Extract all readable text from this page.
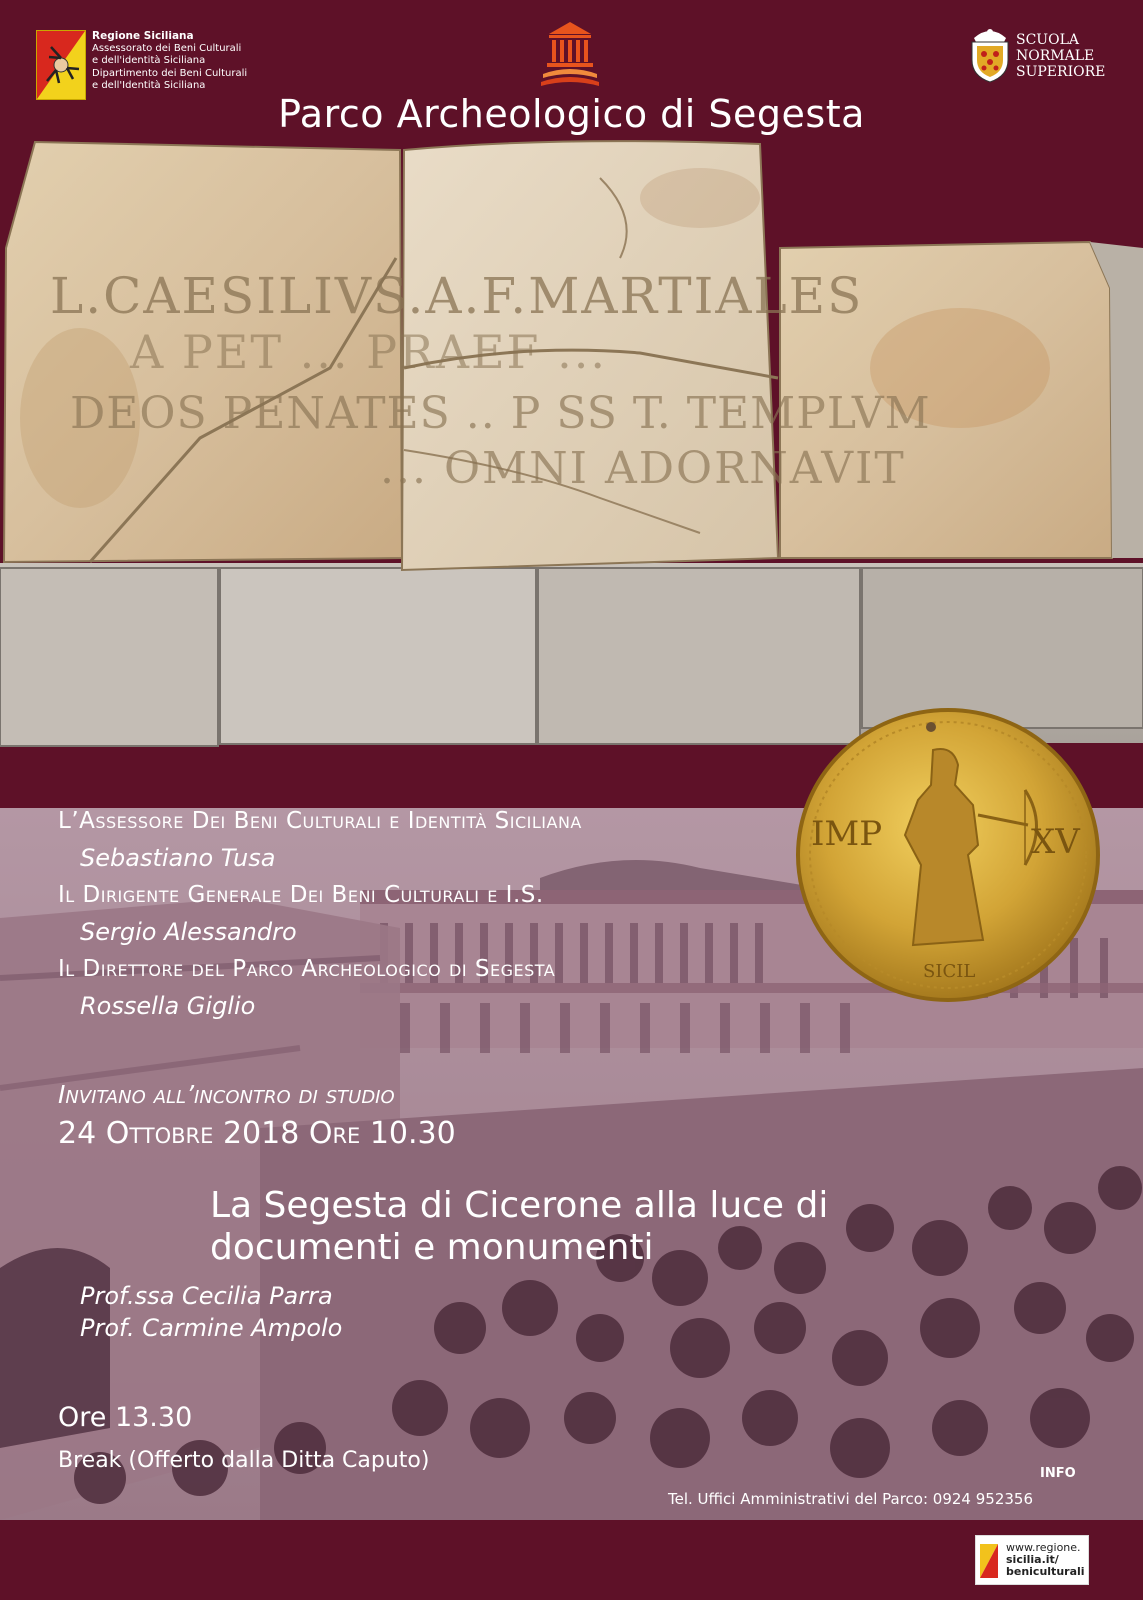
Regione Siciliana
Assessorato dei Beni Culturali
e dell'identità Siciliana
Dipartimento dei Beni Culturali
e dell'Identità Siciliana
SCUOLA
NORMALE
SUPERIORE
Parco Archeologico di Segesta
L.CAESILIVS.A.F.MARTIALES
A PET ... PRAEF ...
DEOS PENATES .. P SS T. TEMPLVM
... OMNI ADORNAVIT
IMP	XV
SICIL
L’Assessore Dei Beni Culturali e Identità Siciliana
Sebastiano Tusa
Il Dirigente Generale Dei Beni Culturali e I.S.
Sergio Alessandro
Il Direttore del Parco Archeologico di Segesta
Rossella Giglio
Invitano all’incontro di studio
24 Ottobre 2018 Ore 10.30
La Segesta di Cicerone alla luce di
documenti e monumenti
Prof.ssa Cecilia Parra
Prof. Carmine Ampolo
Ore 13.30
Break (Offerto dalla Ditta Caputo)
INFO
Tel. Uffici Amministrativi del Parco: 0924 952356
www.regione.
sicilia.it/
beniculturali
